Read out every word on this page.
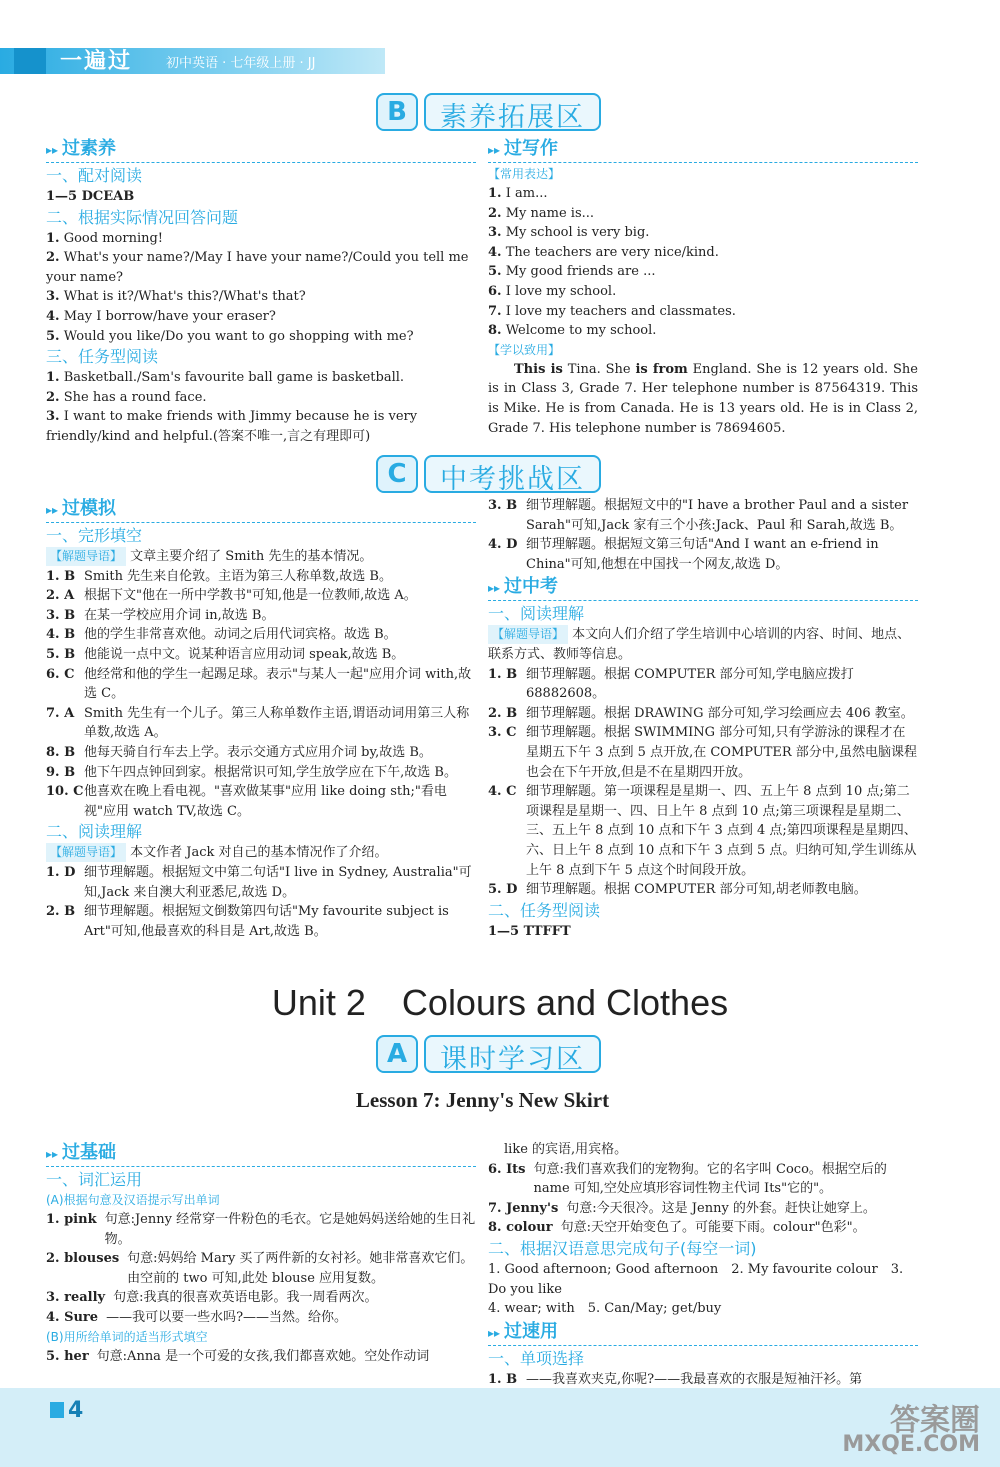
一遍过	初中英语 · 七年级上册 · JJ
B	素养拓展区
▸▸ 过素养
一、配对阅读
1—5 DCEAB
二、根据实际情况回答问题
1. Good morning!
2. What's your name?/May I have your name?/Could you tell me your name?
3. What is it?/What's this?/What's that?
4. May I borrow/have your eraser?
5. Would you like/Do you want to go shopping with me?
三、任务型阅读
1. Basketball./Sam's favourite ball game is basketball.
2. She has a round face.
3. I want to make friends with Jimmy because he is very friendly/kind and helpful.(答案不唯一,言之有理即可)
▸▸ 过写作
【常用表达】
1. I am...
2. My name is...
3. My school is very big.
4. The teachers are very nice/kind.
5. My good friends are ...
6. I love my school.
7. I love my teachers and classmates.
8. Welcome to my school.
【学以致用】
This is Tina. She is from England. She is 12 years old. She is in Class 3, Grade 7. Her telephone number is 87564319. This is Mike. He is from Canada. He is 13 years old. He is in Class 2, Grade 7. His telephone number is 78694605.
C	中考挑战区
▸▸ 过模拟
一、完形填空
【解题导语】 文章主要介绍了 Smith 先生的基本情况。
1. B Smith 先生来自伦敦。主语为第三人称单数,故选 B。
2. A 根据下文"他在一所中学教书"可知,他是一位教师,故选 A。
3. B 在某一学校应用介词 in,故选 B。
4. B 他的学生非常喜欢他。动词之后用代词宾格。故选 B。
5. B 他能说一点中文。说某种语言应用动词 speak,故选 B。
6. C 他经常和他的学生一起踢足球。表示"与某人一起"应用介词 with,故选 C。
7. A Smith 先生有一个儿子。第三人称单数作主语,谓语动词用第三人称单数,故选 A。
8. B 他每天骑自行车去上学。表示交通方式应用介词 by,故选 B。
9. B 他下午四点钟回到家。根据常识可知,学生放学应在下午,故选 B。
10. C 他喜欢在晚上看电视。"喜欢做某事"应用 like doing sth;"看电视"应用 watch TV,故选 C。
二、阅读理解
【解题导语】 本文作者 Jack 对自己的基本情况作了介绍。
1. D 细节理解题。根据短文中第二句话"I live in Sydney, Australia"可知,Jack 来自澳大利亚悉尼,故选 D。
2. B 细节理解题。根据短文倒数第四句话"My favourite subject is Art"可知,他最喜欢的科目是 Art,故选 B。
3. B 细节理解题。根据短文中的"I have a brother Paul and a sister Sarah"可知,Jack 家有三个小孩:Jack、Paul 和 Sarah,故选 B。
4. D 细节理解题。根据短文第三句话"And I want an e-friend in China"可知,他想在中国找一个网友,故选 D。
▸▸ 过中考
一、阅读理解
【解题导语】 本文向人们介绍了学生培训中心培训的内容、时间、地点、联系方式、教师等信息。
1. B 细节理解题。根据 COMPUTER 部分可知,学电脑应拨打 68882608。
2. B 细节理解题。根据 DRAWING 部分可知,学习绘画应去 406 教室。
3. C 细节理解题。根据 SWIMMING 部分可知,只有学游泳的课程才在星期五下午 3 点到 5 点开放,在 COMPUTER 部分中,虽然电脑课程也会在下午开放,但是不在星期四开放。
4. C 细节理解题。第一项课程是星期一、四、五上午 8 点到 10 点;第二项课程是星期一、四、日上午 8 点到 10 点;第三项课程是星期二、三、五上午 8 点到 10 点和下午 3 点到 4 点;第四项课程是星期四、六、日上午 8 点到 10 点和下午 3 点到 5 点。归纳可知,学生训练从上午 8 点到下午 5 点这个时间段开放。
5. D 细节理解题。根据 COMPUTER 部分可知,胡老师教电脑。
二、任务型阅读
1—5 TTFFT
Unit 2　Colours and Clothes
A	课时学习区
Lesson 7: Jenny's New Skirt
▸▸ 过基础
一、词汇运用
(A)根据句意及汉语提示写出单词
1. pink 句意:Jenny 经常穿一件粉色的毛衣。它是她妈妈送给她的生日礼物。
2. blouses 句意:妈妈给 Mary 买了两件新的女衬衫。她非常喜欢它们。由空前的 two 可知,此处 blouse 应用复数。
3. really 句意:我真的很喜欢英语电影。我一周看两次。
4. Sure ——我可以要一些水吗?——当然。给你。
(B)用所给单词的适当形式填空
5. her 句意:Anna 是一个可爱的女孩,我们都喜欢她。空处作动词
like 的宾语,用宾格。
6. Its 句意:我们喜欢我们的宠物狗。它的名字叫 Coco。根据空后的 name 可知,空处应填形容词性物主代词 Its"它的"。
7. Jenny's 句意:今天很冷。这是 Jenny 的外套。赶快让她穿上。
8. colour 句意:天空开始变色了。可能要下雨。colour"色彩"。
二、根据汉语意思完成句子(每空一词)
1. Good afternoon; Good afternoon　2. My favourite colour　3. Do you like
4. wear; with　5. Can/May; get/buy
▸▸ 过速用
一、单项选择
1. B ——我喜欢夹克,你呢?——我最喜欢的衣服是短袖汗衫。第
4	答案圈
MXQE.COM
